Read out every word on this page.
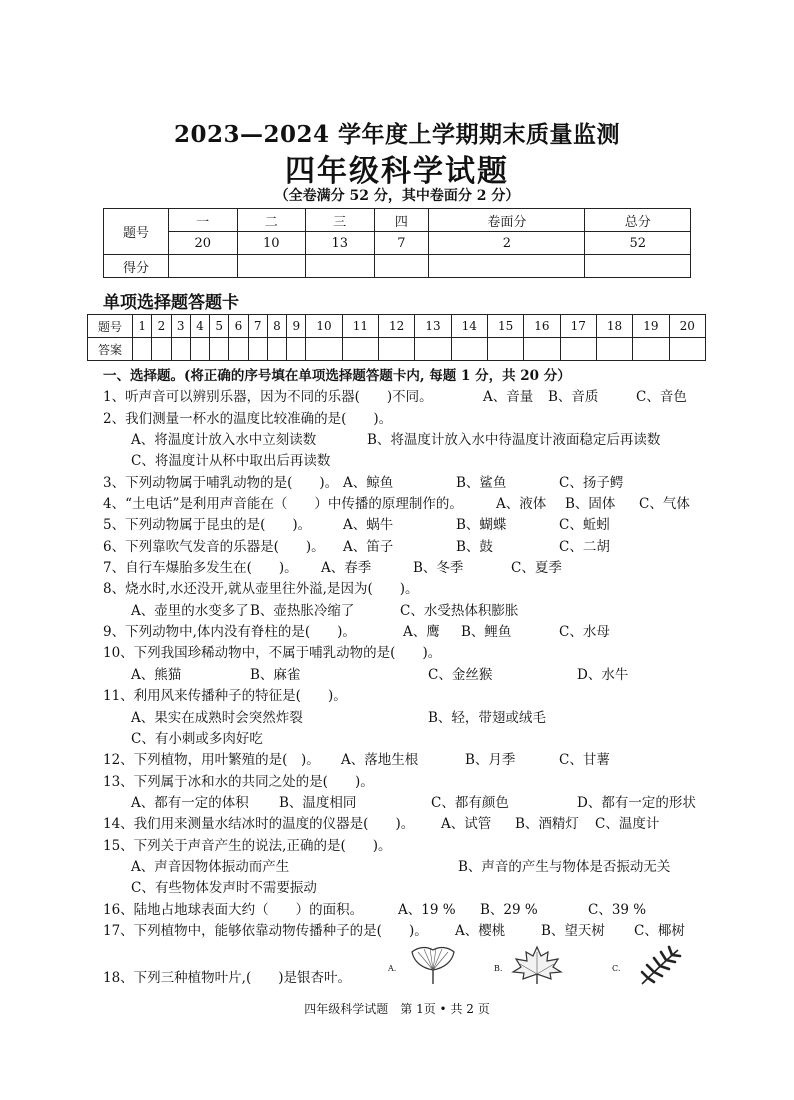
2023—2024 学年度上学期期末质量监测
四年级科学试题
（全卷满分 52 分，其中卷面分 2 分）
题号	一	二	三	四	卷面分	总分
	20	10	13	7	2	52
得分						
单项选择题答题卡
题号	1	2	3	4	5	6	7	8	9	10	11	12	13	14	15	16	17	18	19	20
答案																				
一、选择题。(将正确的序号填在单项选择题答题卡内, 每题 1 分，共 20 分）
1、听声音可以辨别乐器，因为不同的乐器(　　)不同。	A、音量 B、音质	C、音色
2、我们测量一杯水的温度比较准确的是(　　)。
A、将温度计放入水中立刻读数	B、将温度计放入水中待温度计液面稳定后再读数
C、将温度计从杯中取出后再读数
3、下列动物属于哺乳动物的是(　　)。 A、鲸鱼	B、鲨鱼	C、扬子鳄
4、“土电话”是利用声音能在（　　）中传播的原理制作的。 A、液体 B、固体 C、气体
5、下列动物属于昆虫的是(　　)。 A、蜗牛	B、蝴蝶	C、蚯蚓
6、下列靠吹气发音的乐器是(　　)。 A、笛子	B、鼓	C、二胡
7、自行车爆胎多发生在(　　)。 A、春季	B、冬季	C、夏季
8、烧水时,水还没开,就从壶里往外溢,是因为(　　)。
A、壶里的水变多了 B、壶热胀冷缩了	C、水受热体积膨胀
9、下列动物中,体内没有脊柱的是(　　)。	A、鹰 B、鲤鱼	C、水母
10、下列我国珍稀动物中，不属于哺乳动物的是(　　)。
A、熊猫	B、麻雀	C、金丝猴	D、水牛
11、利用风来传播种子的特征是(　　)。
A、果实在成熟时会突然炸裂	B、轻，带翅或绒毛
C、有小刺或多肉好吃
12、下列植物，用叶繁殖的是(　)。 A、落地生根	B、月季	C、甘薯
13、下列属于冰和水的共同之处的是(　　)。
A、都有一定的体积 B、温度相同	C、都有颜色	D、都有一定的形状
14、我们用来测量水结冰时的温度的仪器是(　　)。 A、试管 B、酒精灯 C、温度计
15、下列关于声音产生的说法,正确的是(　　)。
A、声音因物体振动而产生	B、声音的产生与物体是否振动无关
C、有些物体发声时不需要振动
16、陆地占地球表面大约（　　）的面积。	A、19 % B、29 %	C、39 %
17、下列植物中，能够依靠动物传播种子的是(　　)。 A、樱桃	B、望天树 C、椰树
18、下列三种植物叶片,(　　)是银杏叶。
A.	B.	C.
四年级科学试题　第 1页 • 共 2 页
